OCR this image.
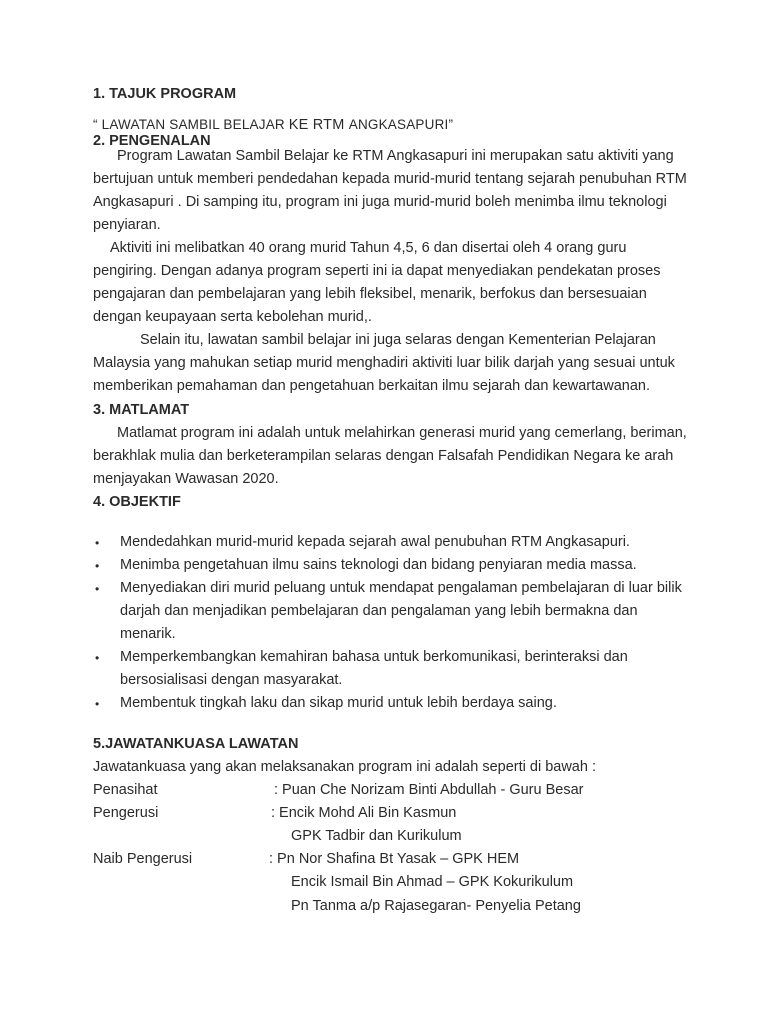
1. TAJUK PROGRAM
“ LAWATAN SAMBIL BELAJAR KE RTM ANGKASAPURI”
2. PENGENALAN
Program Lawatan Sambil Belajar ke RTM Angkasapuri ini merupakan satu aktiviti yang
bertujuan untuk memberi pendedahan kepada murid-murid tentang sejarah penubuhan RTM
Angkasapuri . Di samping itu, program ini juga murid-murid boleh menimba ilmu teknologi
penyiaran.
Aktiviti ini melibatkan 40 orang murid Tahun 4,5, 6 dan disertai oleh 4 orang guru
pengiring. Dengan adanya program seperti ini ia dapat menyediakan pendekatan proses
pengajaran dan pembelajaran yang lebih fleksibel, menarik, berfokus dan bersesuaian
dengan keupayaan serta kebolehan murid,.
Selain itu, lawatan sambil belajar ini juga selaras dengan Kementerian Pelajaran
Malaysia yang mahukan setiap murid menghadiri aktiviti luar bilik darjah yang sesuai untuk
memberikan pemahaman dan pengetahuan berkaitan ilmu sejarah dan kewartawanan.
3. MATLAMAT
Matlamat program ini adalah untuk melahirkan generasi murid yang cemerlang, beriman,
berakhlak mulia dan berketerampilan selaras dengan Falsafah Pendidikan Negara ke arah
menjayakan Wawasan 2020.
4. OBJEKTIF
• Mendedahkan murid-murid kepada sejarah awal penubuhan RTM Angkasapuri.
• Menimba pengetahuan ilmu sains teknologi dan bidang penyiaran media massa.
• Menyediakan diri murid peluang untuk mendapat pengalaman pembelajaran di luar bilik
darjah dan menjadikan pembelajaran dan pengalaman yang lebih bermakna dan
menarik.
• Memperkembangkan kemahiran bahasa untuk berkomunikasi, berinteraksi dan
bersosialisasi dengan masyarakat.
• Membentuk tingkah laku dan sikap murid untuk lebih berdaya saing.
5.JAWATANKUASA LAWATAN
Jawatankuasa yang akan melaksanakan program ini adalah seperti di bawah :
Penasihat	: Puan Che Norizam Binti Abdullah - Guru Besar
Pengerusi	: Encik Mohd Ali Bin Kasmun
GPK Tadbir dan Kurikulum
Naib Pengerusi	: Pn Nor Shafina Bt Yasak – GPK HEM
Encik Ismail Bin Ahmad – GPK Kokurikulum
Pn Tanma a/p Rajasegaran- Penyelia Petang
